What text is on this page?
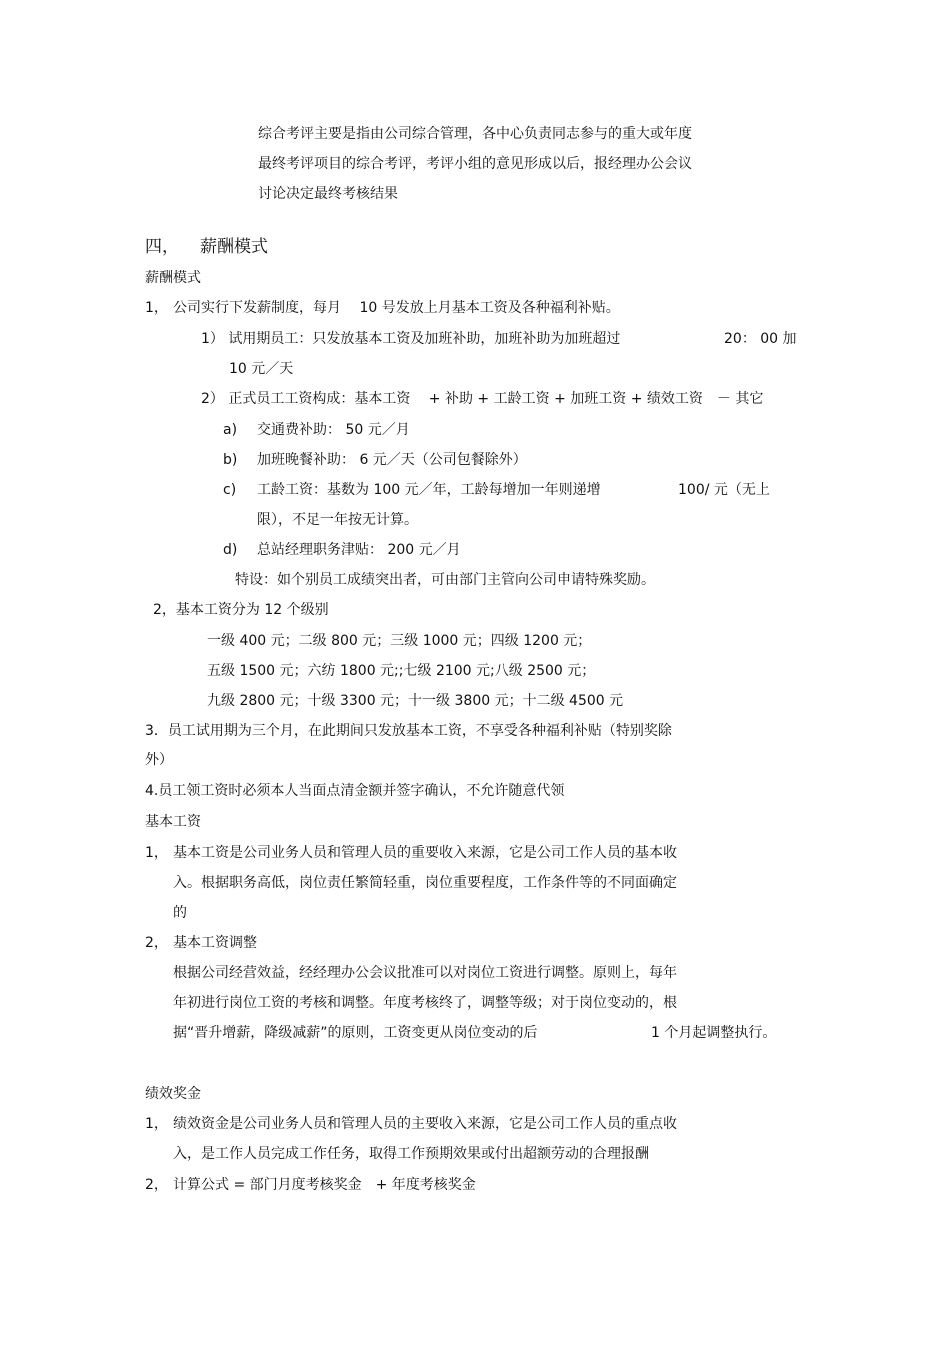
综合考评主要是指由公司综合管理，各中心负责同志参与的重大或年度
最终考评项目的综合考评，考评小组的意见形成以后，报经理办公会议
讨论决定最终考核结果
四， 薪酬模式
薪酬模式
1， 公司实行下发薪制度，每月　 10 号发放上月基本工资及各种福利补贴。
1） 试用期员工：只发放基本工资及加班补助，加班补助为加班超过	20： 00 加
10 元／天
2） 正式员工工资构成：基本工资　 + 补助 + 工龄工资 + 加班工资 + 绩效工资　－ 其它
a) 交通费补助： 50 元／月
b) 加班晚餐补助： 6 元／天（公司包餐除外）
c) 工龄工资：基数为 100 元／年，工龄每增加一年则递增	100/ 元（无上
限），不足一年按无计算。
d) 总站经理职务津贴： 200 元／月
特设：如个别员工成绩突出者，可由部门主管向公司申请特殊奖励。
2，基本工资分为 12 个级别
一级 400 元；二级 800 元；三级 1000 元；四级 1200 元；
五级 1500 元；六纺 1800 元;;七级 2100 元;八级 2500 元；
九级 2800 元；十级 3300 元；十一级 3800 元；十二级 4500 元
3．员工试用期为三个月，在此期间只发放基本工资，不享受各种福利补贴（特别奖除
外）
4.员工领工资时必须本人当面点清金额并签字确认，不允许随意代领
基本工资
1， 基本工资是公司业务人员和管理人员的重要收入来源，它是公司工作人员的基本收
入。根据职务高低，岗位责任繁简轻重，岗位重要程度，工作条件等的不同面确定
的
2， 基本工资调整
根据公司经营效益，经经理办公会议批准可以对岗位工资进行调整。原则上，每年
年初进行岗位工资的考核和调整。年度考核终了，调整等级；对于岗位变动的，根
据“晋升增薪，降级减薪”的原则，工资变更从岗位变动的后	1 个月起调整执行。
绩效奖金
1， 绩效资金是公司业务人员和管理人员的主要收入来源，它是公司工作人员的重点收
入，是工作人员完成工作任务，取得工作预期效果或付出超额劳动的合理报酬
2， 计算公式 = 部门月度考核奖金　+ 年度考核奖金
